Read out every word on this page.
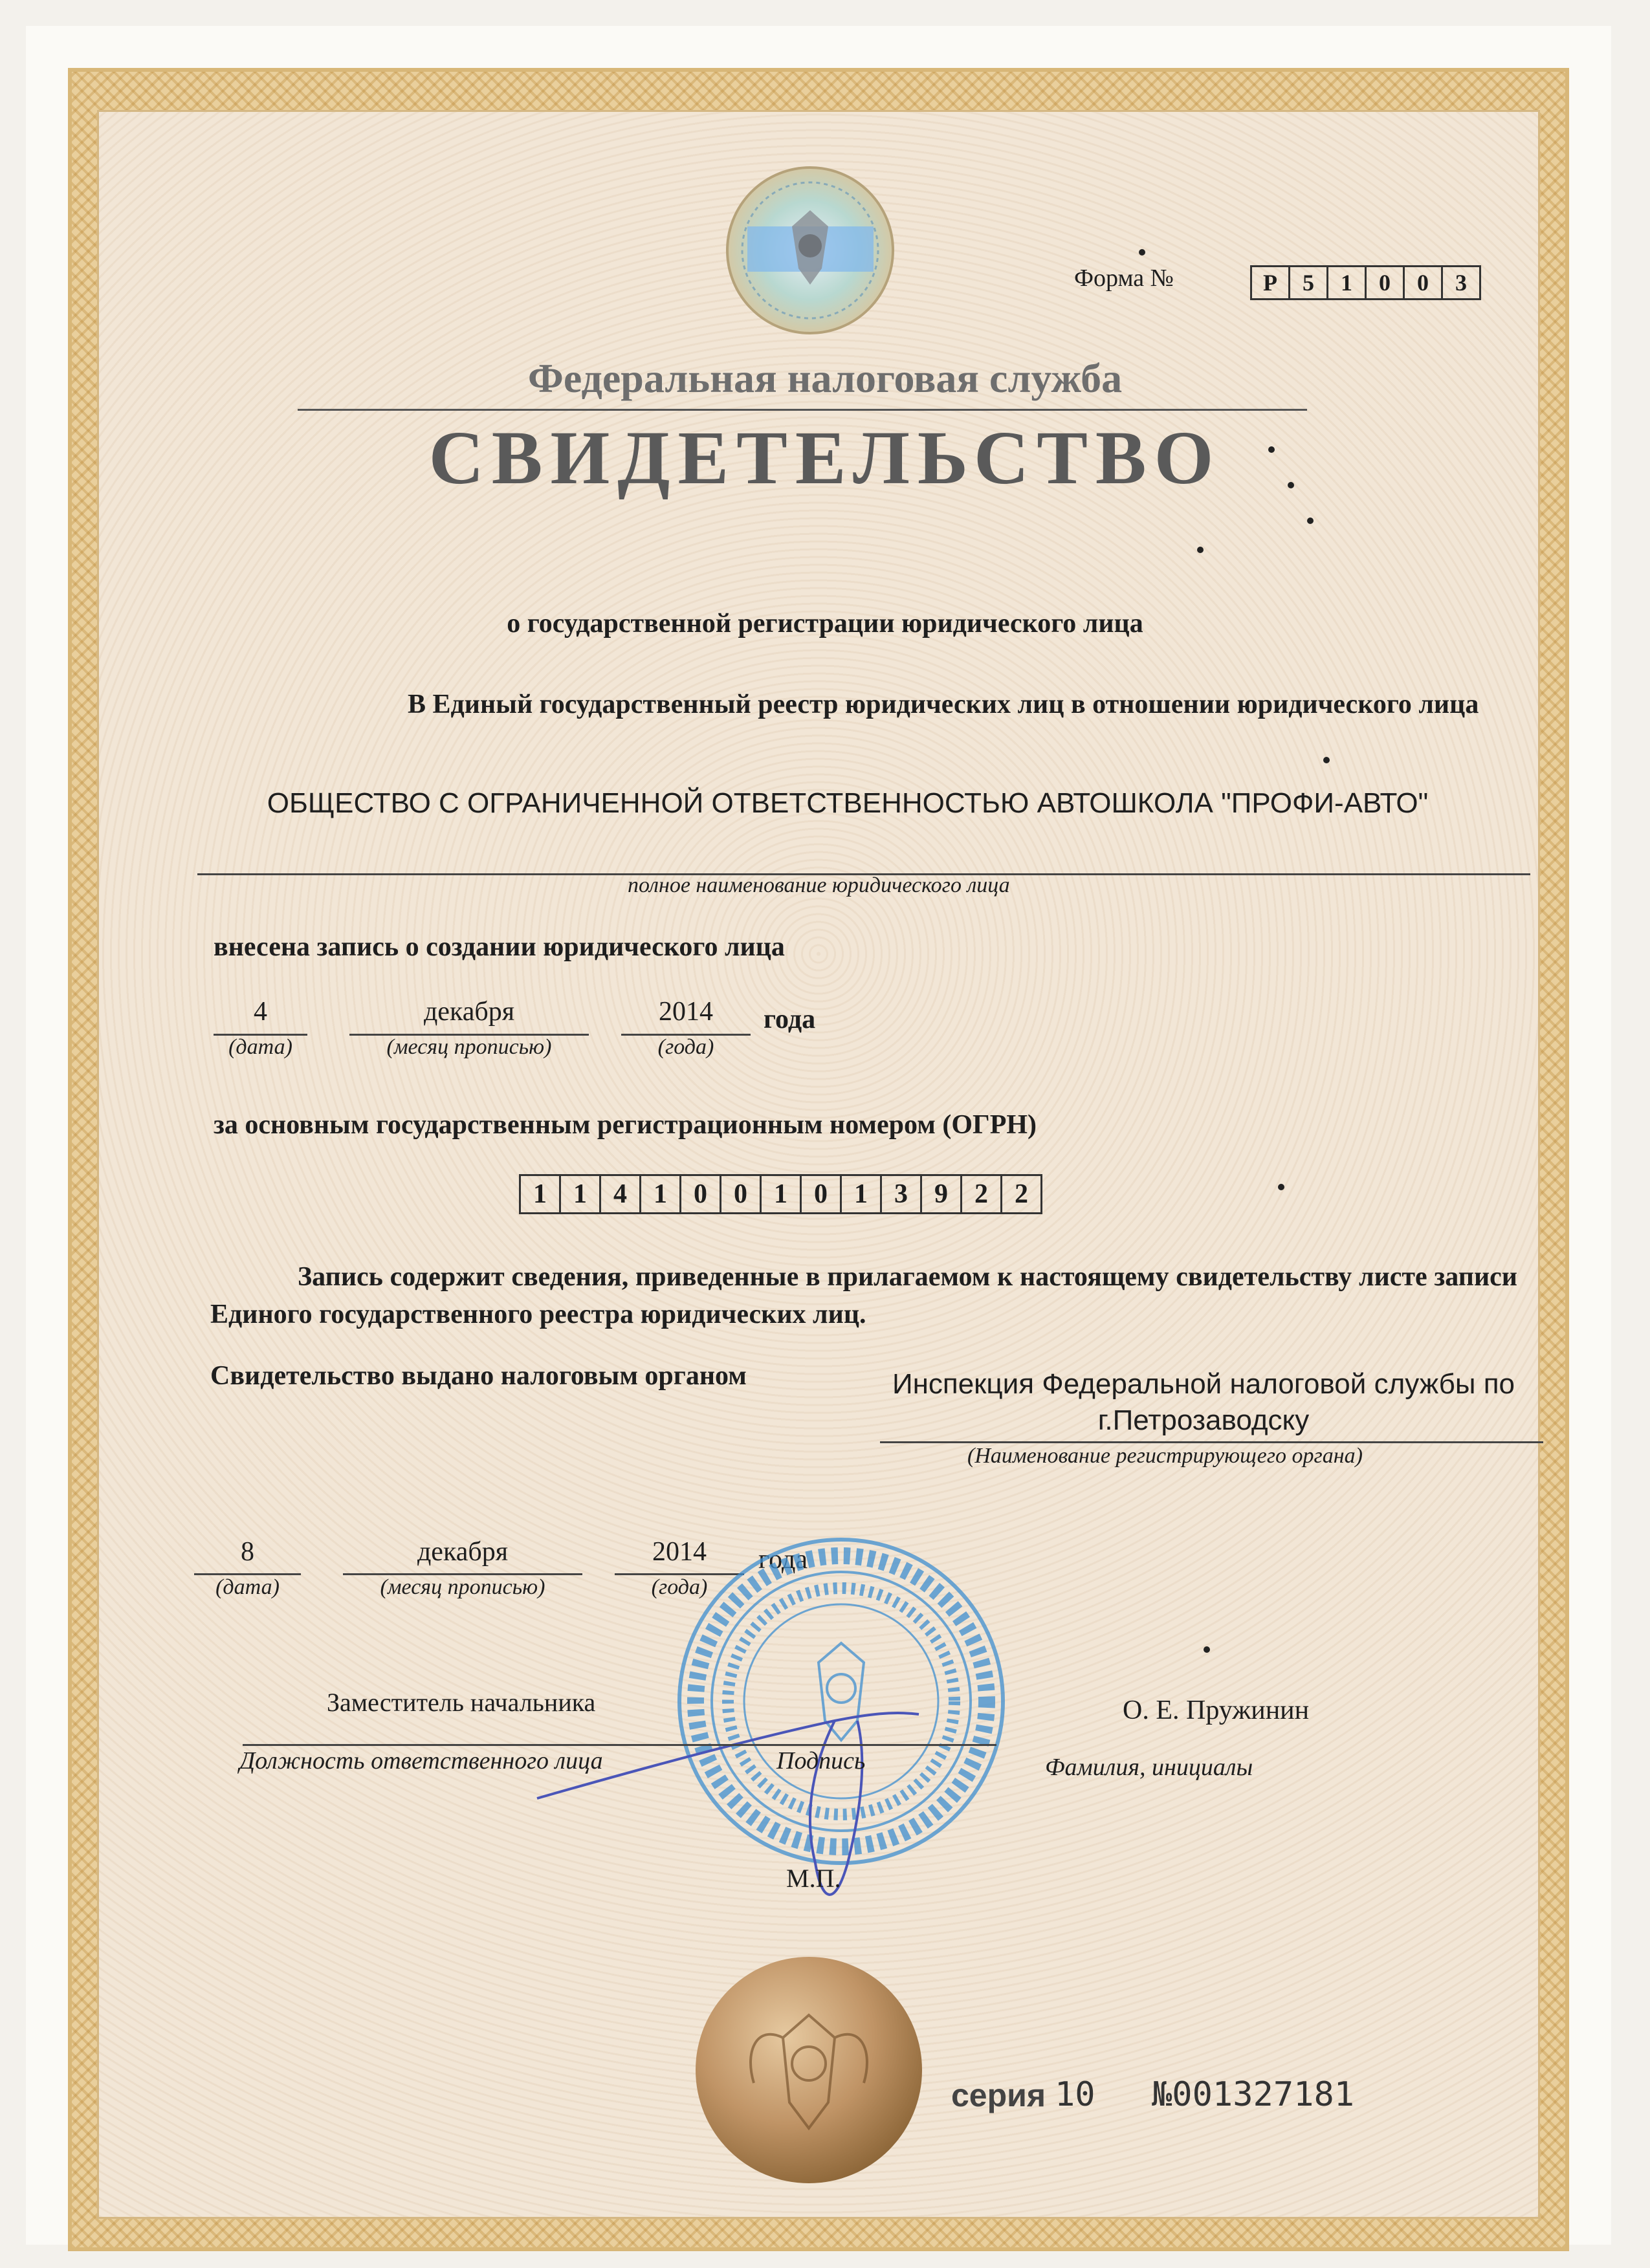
Форма №	Р	5	1	0	0	3
Федеральная налоговая служба
СВИДЕТЕЛЬСТВО
о государственной регистрации юридического лица
В Единый государственный реестр юридических лиц в отношении юридического лица
ОБЩЕСТВО С ОГРАНИЧЕННОЙ ОТВЕТСТВЕННОСТЬЮ АВТОШКОЛА "ПРОФИ-АВТО"
полное наименование юридического лица
внесена запись о создании юридического лица
4
(дата)
декабря
(месяц прописью)
2014
(года)
года
за основным государственным регистрационным номером (ОГРН)
1 1 4 1 0 0 1 0 1 3 9 2 2
Запись содержит сведения, приведенные в прилагаемом к настоящему свидетельству листе записи Единого государственного реестра юридических лиц.
Свидетельство выдано налоговым органом	Инспекция Федеральной налоговой службы по г.Петрозаводску
(Наименование регистрирующего органа)
8
(дата)
декабря
(месяц прописью)
2014
(года)
года
Заместитель начальника
Должность ответственного лица	Подпись
О. Е. Пружинин
Фамилия, инициалы
М.П.
серия 10 №001327181
